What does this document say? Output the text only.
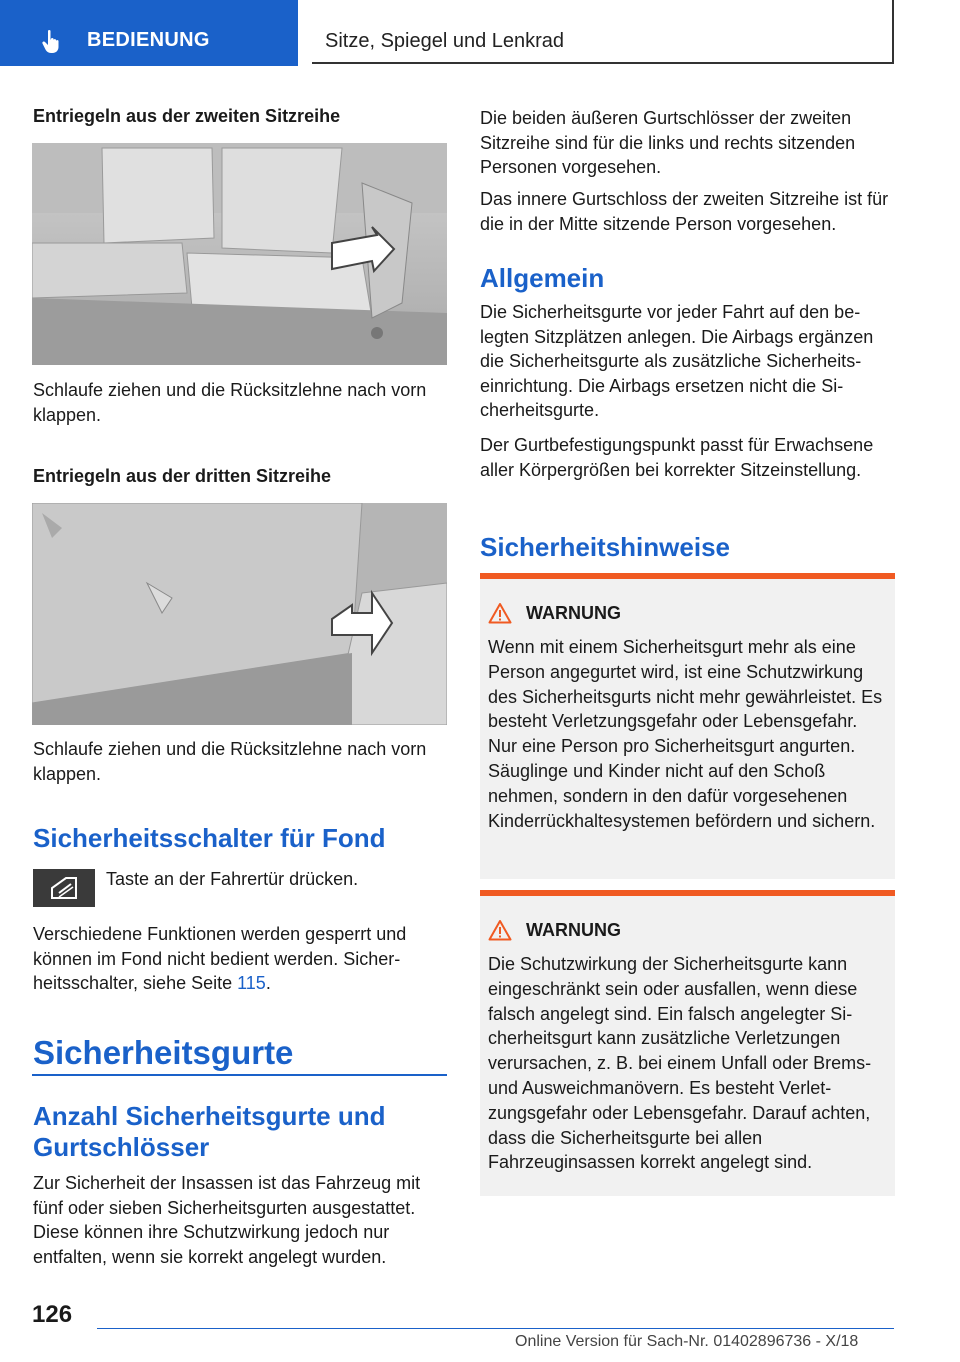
BEDIENUNG	Sitze, Spiegel und Lenkrad
Entriegeln aus der zweiten Sitzreihe

Schlaufe ziehen und die Rücksitzlehne nach vorn klappen.

Entriegeln aus der dritten Sitzreihe

Schlaufe ziehen und die Rücksitzlehne nach vorn klappen.

Sicherheitsschalter für Fond
Taste an der Fahrertür drücken.

Verschiedene Funktionen werden gesperrt und können im Fond nicht bedient werden. Sicherheitsschalter, siehe Seite 115.

Sicherheitsgurte
Anzahl Sicherheitsgurte und Gurtschlösser

Zur Sicherheit der Insassen ist das Fahrzeug mit fünf oder sieben Sicherheitsgurten ausgestattet. Diese können ihre Schutzwirkung jedoch nur entfalten, wenn sie korrekt angelegt wurden.

Die beiden äußeren Gurtschlösser der zweiten Sitzreihe sind für die links und rechts sitzenden Personen vorgesehen.

Das innere Gurtschloss der zweiten Sitzreihe ist für die in der Mitte sitzende Person vorgesehen.

Allgemein

Die Sicherheitsgurte vor jeder Fahrt auf den belegten Sitzplätzen anlegen. Die Airbags ergänzen die Sicherheitsgurte als zusätzliche Sicherheitseinrichtung. Die Airbags ersetzen nicht die Sicherheitsgurte.

Der Gurtbefestigungspunkt passt für Erwachsene aller Körpergrößen bei korrekter Sitzeinstellung.

Sicherheitshinweise
WARNUNG

Wenn mit einem Sicherheitsgurt mehr als eine Person angegurtet wird, ist eine Schutzwirkung des Sicherheitsgurts nicht mehr gewährleistet. Es besteht Verletzungsgefahr oder Lebensgefahr. Nur eine Person pro Sicherheitsgurt angurten. Säuglinge und Kinder nicht auf den Schoß nehmen, sondern in den dafür vorgesehenen Kinderrückhaltesystemen befördern und sichern.

WARNUNG

Die Schutzwirkung der Sicherheitsgurte kann eingeschränkt sein oder ausfallen, wenn diese falsch angelegt sind. Ein falsch angelegter Sicherheitsgurt kann zusätzliche Verletzungen verursachen, z. B. bei einem Unfall oder Brems- und Ausweichmanövern. Es besteht Verletzungsgefahr oder Lebensgefahr. Darauf achten, dass die Sicherheitsgurte bei allen Fahrzeuginsassen korrekt angelegt sind.

126
Online Version für Sach-Nr. 01402896736 - X/18
